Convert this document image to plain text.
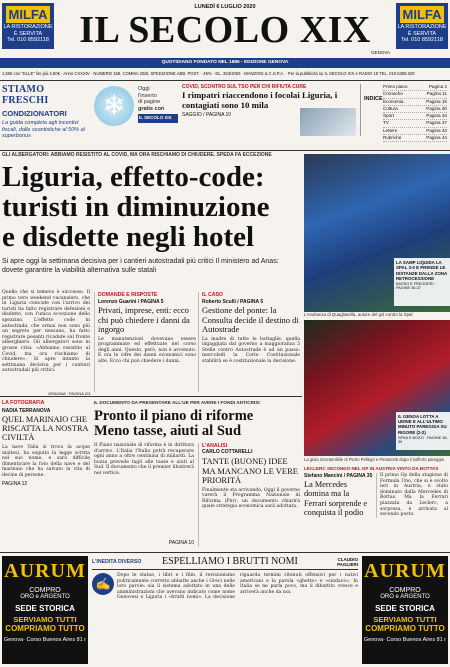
MILFA
LA RISTORAZIONE
È SERVITA
Tel. 010 8592118
MILFA
LA RISTORAZIONE
È SERVITA
Tel. 010 8592118
LUNEDÌ 6 LUGLIO 2020
IL SECOLO XIX
GENOVA
QUOTIDIANO FONDATO NEL 1886 - EDIZIONE GENOVA
1,50€ con "ELLE" lire più 4,50€ · Anno CXXXIV · NUMERO 158, COMMA 20/B, SPEDIZIONE ABB. POST. · 45% · DL. 353/2003 · MANZONI & C.S.P.A. · Per la pubblicità su IL SECOLO XIX e RADIO 19 TEL. 010.5388.200
STIAMO FRESCHI
CONDIZIONATORI
La guida completa agli incentivi fiscali, dalle scontistiche al 50% al superbonus
❄	Oggi
l'inserto
di pagine
gratis con
IL SECOLO XIX
COVID, SCONTRO SUL TSO PER CHI RIFIUTA CURE
I rimpatri riaccendono i focolai Liguria, i contagiati sono 10 mila
SAGGIO / PAGINA 10
INDICE
Primo piano	Pagina 2
Cronache	Pagina 11
Economia	Pagina 16
Cultura	Pagina 30
Sport	Pagina 34
TV	Pagina 37
Lettere	Pagina 43
Rubriche	Pagina 44
GLI ALBERGATORI: ABBIAMO RESISTITO AL COVID, MA ORA RISCHIAMO DI CHIUDERE. SPEDA FA ECCEZIONE
Liguria, effetto-code:
turisti in diminuzione
e disdette negli hotel
Si apre oggi la settimana decisiva per i cantieri autostradali più critici Il ministero ad Anas: dovete garantire la viabilità alternativa sulle statali
Quello che si temeva è successo. Il primo vero weekend vacanziero, che in Liguria coincide con l'arrivo dei turisti ha fatto registrare defezioni e disdette, con l'unica eccezione dello spezzino. L'effetto code in autostrada, che ormai non sono più un segreto per nessuno, ha fatto registrare pesanti ricadute sul fronte alberghiero. Gli albergatori sono in grosse crisi: «Abbiamo resistito al Covid, ma ora rischiamo di chiudere». Si apre intanto la settimana decisiva per i cantieri autostradali più critici.
GRAVINA · PAGINA 2/3
LA SAMP LIQUIDA LA SPAL 3-0 E PRENDE LE DISTANZE DALLA ZONA RETROCESSIONE
BASSO E FREGGERI · PAGINE 36-37
L'esultanza di Quagliarella, autore del gol contro la Spal
IL GENOA LOTTA A UDINE E ALL'ULTIMO MINUTO PAREGGIA SU RIGORE (2-2)
SPINI E BOZZI · PAGINE 38-39
La gioia incontenibile di Pietro Pellegri e Pinamonti dopo il sofferto pareggio
DOMANDE E RISPOSTE
Lorenzo Guarini / PAGINA 5
Privati, imprese, enti: ecco chi può chiedere i danni da ingorgo
Le manutenzioni dovevano essere programmate ed effettuate nel corso degli anni. Questo, però, non è avvenuto. E ora le cifre dei danni economici sono alte. Ecco chi può chiedere i danni.
IL CASO
Roberto Sculli / PAGINA 5
Gestione del ponte: la Consulta decide il destino di Autostrade
La madre di tutte le battaglie, quella ingaggiata dal governo a maggioranza 5 Stelle contro Autostrade è ad un passo: mercoledì la Corte Costituzionale stabilirà se è costituzionale la decisione.
LA FOTOGRAFIA
NADIA TERRANOVA
QUEL MARINAIO CHE RISCATTA LA NOSTRA CIVILTÀ
La nave Talia si trova in acque maltesi, ha seguito la legge scritta nel suo nome, e sarà difficile dimenticare la foto della nave e del marinaio che ha salvato la vita di decine di persone.
PAGINA 12
IL DOCUMENTO DA PRESENTARE ALL'UE PER AVERE I FONDI ANTICRISI
Pronto il piano di riforme
Meno tasse, aiuti al Sud
Il Piano nazionale di riforma è in dirittura d'arrivo. L'Italia l'Italia potrà recuperare ogni anno a oltre centinaia di miliardi. La bozza prevede tagli alle tasse e aiuti al Sud. Il documento che il premier illustrerà nel vertice.
PAGINA 10
L'ANALISI
CARLO COTTARELLI
TANTE (BUONE) IDEE MA MANCANO LE VERE PRIORITÀ
Finalmente sta arrivando. Oggi il governo varerà il Programma Nazionale di Riforma (Pnr): un documento chiarirà quale strategia economica sarà adottata.
LECLERC SECONDO NEL GP IN AUSTRIA VINTO DA BOTTAS
Stefano Mancini / PAGINA 35
La Mercedes domina ma la Ferrari sorprende e conquista il podio
Il primo Gp della stagione di Formula Uno, che si è svolto ieri in Austria, è stato dominato dalla Mercedes di Bottas. Ma la Ferrari piazzata da Leclerc, a sorpresa, è arrivata al secondo posto.
AURUM
COMPRO
ORO e ARGENTO
SEDE STORICA
SERVIAMO TUTTI
COMPRIAMO TUTTO
Genova· Corso Buenos Aires 81 r
AURUM
COMPRO
ORO e ARGENTO
SEDE STORICA
SERVIAMO TUTTI
COMPRIAMO TUTTO
Genova· Corso Buenos Aires 81 r
L'INEDITA DIVERSO	ESPELLIAMO I BRUTTI NOMI	CLAUDIO PAGLIERI
✍
Dopo le statue, i libri e i film, il revisionismo politicamente corretto abbatte anche i Greci nelle loro parole: sia il sistema adottato in una delle amministrazioni che avevano indicato come nome Genovesi e Liguria i «brutti nomi». La decisione riguarda termini ritenuti offensivi per i nativi americani e la parola «ghetto» e «sindaco». In Italia se ne parla poco, ma il dibattito cresce e arriverà anche da noi.
